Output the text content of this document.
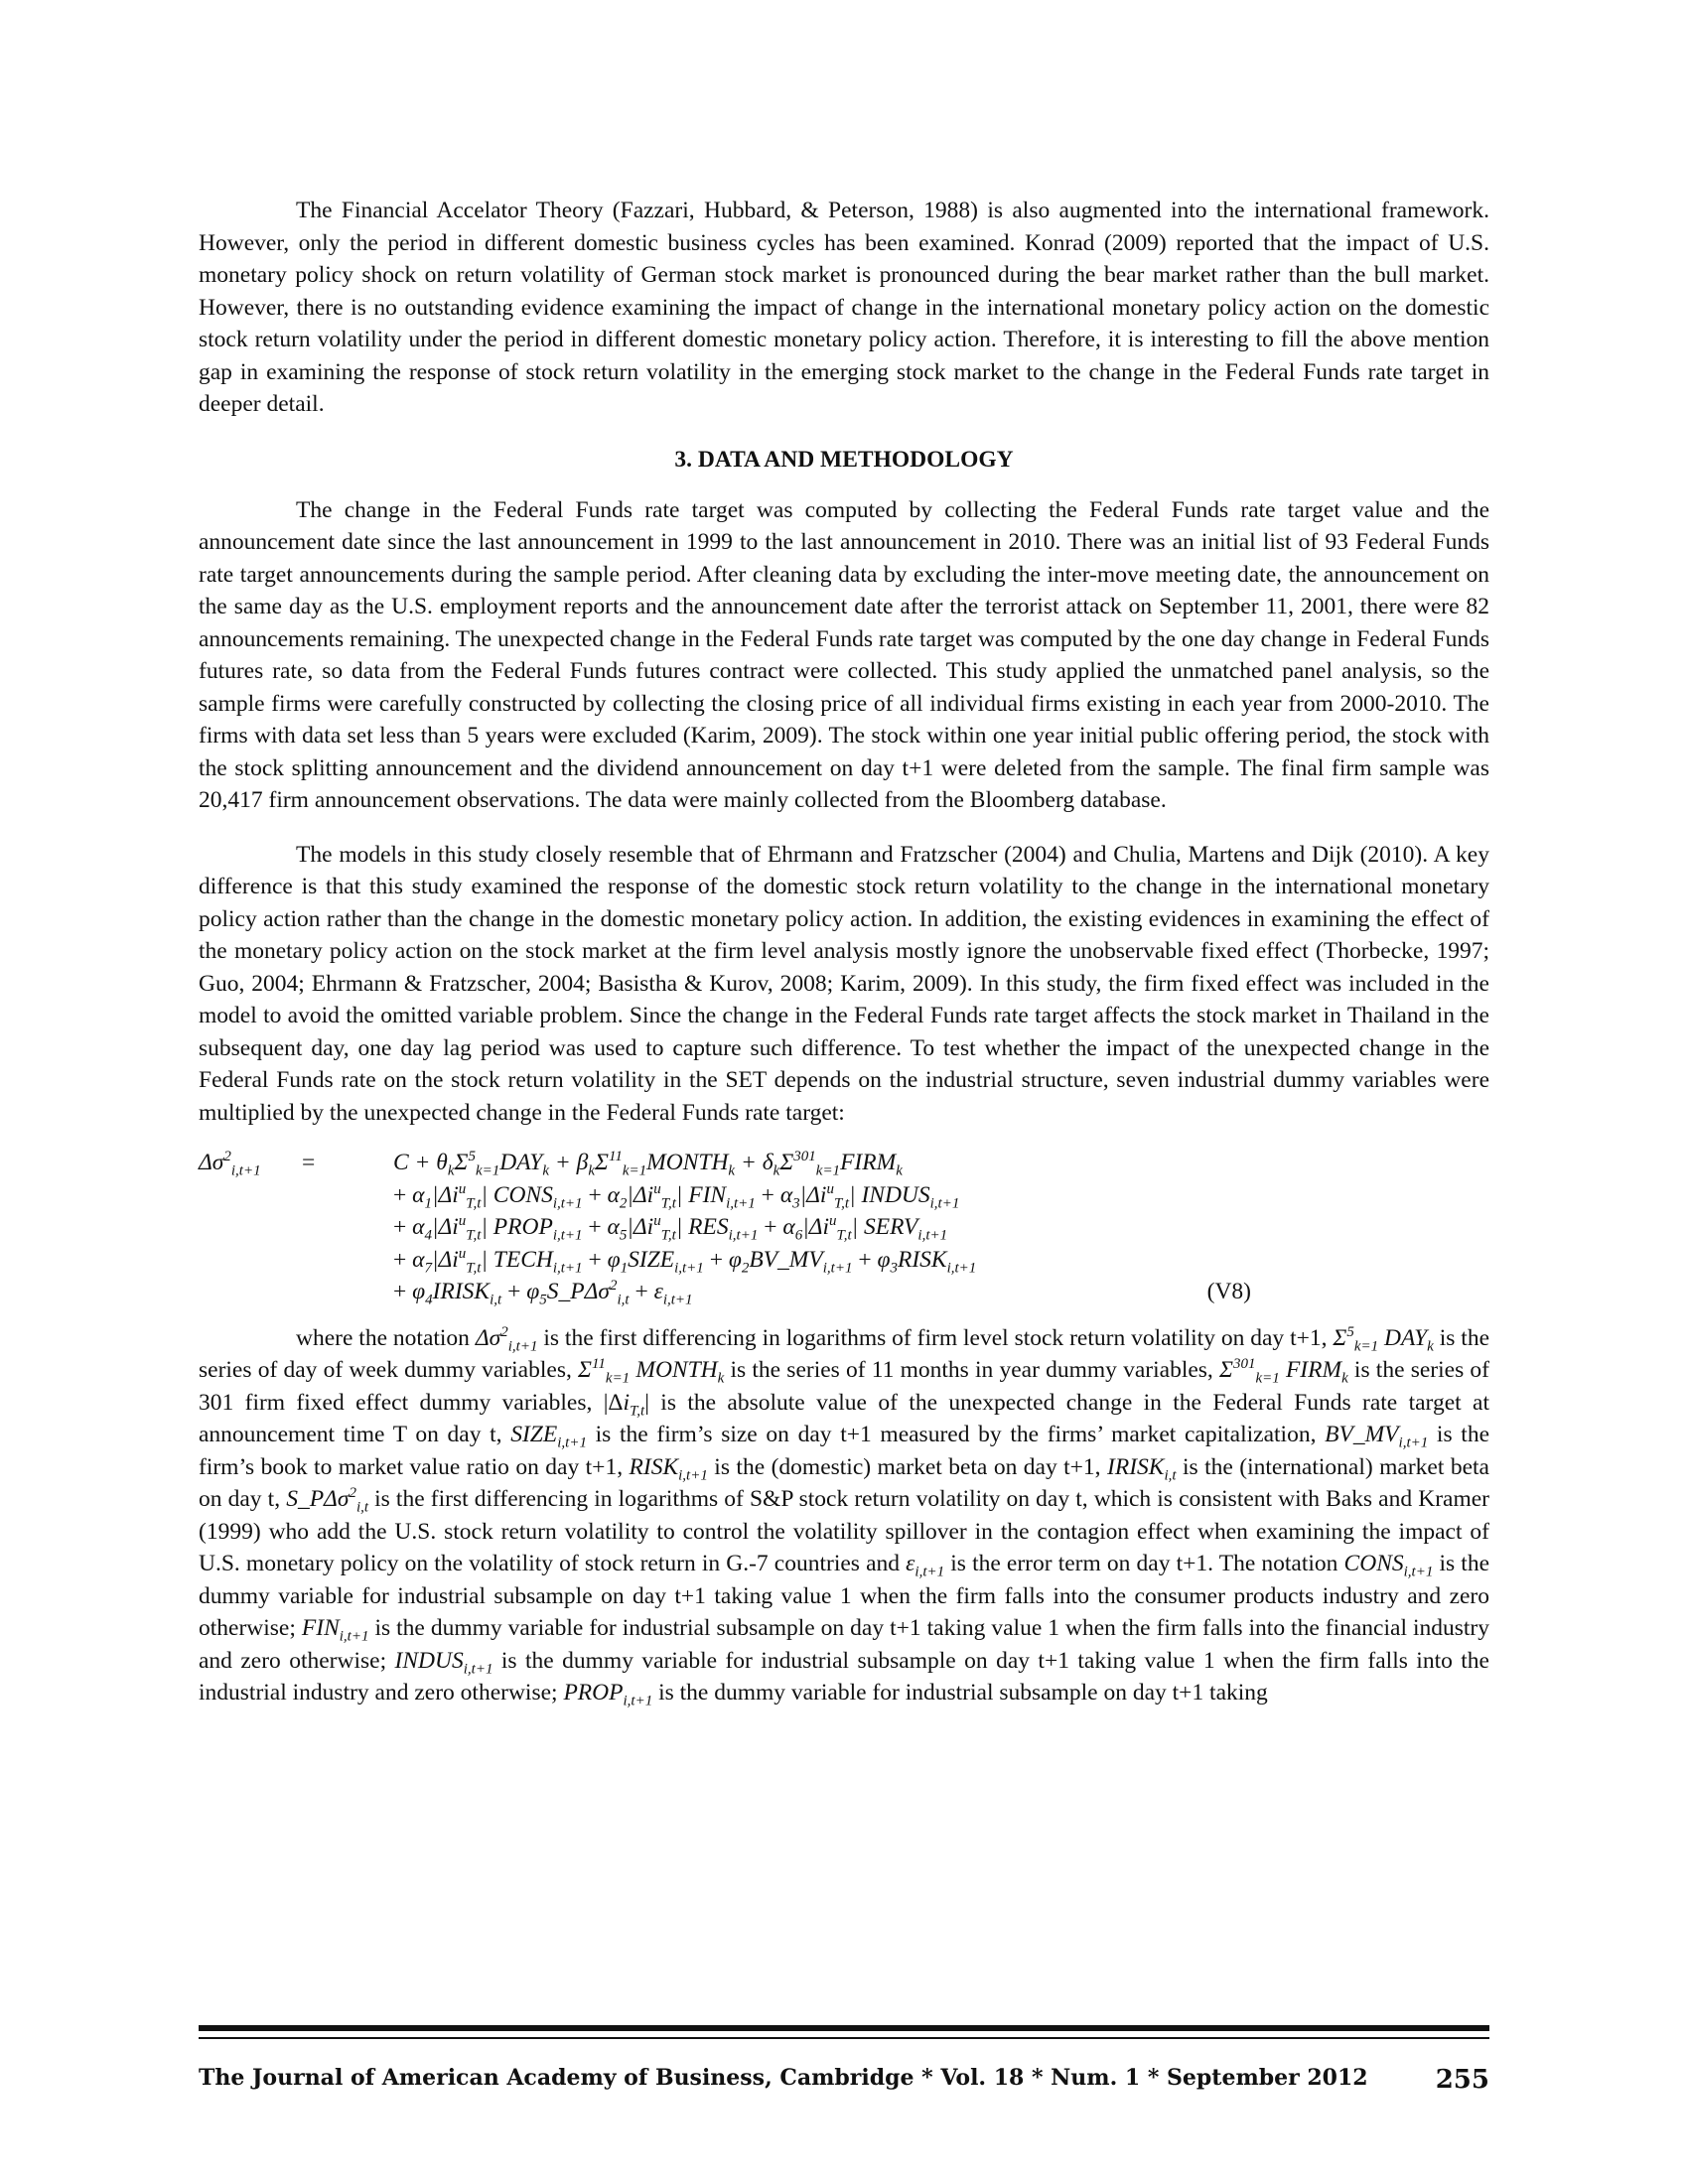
The Financial Accelator Theory (Fazzari, Hubbard, & Peterson, 1988) is also augmented into the international framework. However, only the period in different domestic business cycles has been examined. Konrad (2009) reported that the impact of U.S. monetary policy shock on return volatility of German stock market is pronounced during the bear market rather than the bull market. However, there is no outstanding evidence examining the impact of change in the international monetary policy action on the domestic stock return volatility under the period in different domestic monetary policy action. Therefore, it is interesting to fill the above mention gap in examining the response of stock return volatility in the emerging stock market to the change in the Federal Funds rate target in deeper detail.

3. DATA AND METHODOLOGY

The change in the Federal Funds rate target was computed by collecting the Federal Funds rate target value and the announcement date since the last announcement in 1999 to the last announcement in 2010. There was an initial list of 93 Federal Funds rate target announcements during the sample period. After cleaning data by excluding the inter-move meeting date, the announcement on the same day as the U.S. employment reports and the announcement date after the terrorist attack on September 11, 2001, there were 82 announcements remaining. The unexpected change in the Federal Funds rate target was computed by the one day change in Federal Funds futures rate, so data from the Federal Funds futures contract were collected. This study applied the unmatched panel analysis, so the sample firms were carefully constructed by collecting the closing price of all individual firms existing in each year from 2000-2010. The firms with data set less than 5 years were excluded (Karim, 2009). The stock within one year initial public offering period, the stock with the stock splitting announcement and the dividend announcement on day t+1 were deleted from the sample. The final firm sample was 20,417 firm announcement observations. The data were mainly collected from the Bloomberg database.

The models in this study closely resemble that of Ehrmann and Fratzscher (2004) and Chulia, Martens and Dijk (2010). A key difference is that this study examined the response of the domestic stock return volatility to the change in the international monetary policy action rather than the change in the domestic monetary policy action. In addition, the existing evidences in examining the effect of the monetary policy action on the stock market at the firm level analysis mostly ignore the unobservable fixed effect (Thorbecke, 1997; Guo, 2004; Ehrmann & Fratzscher, 2004; Basistha & Kurov, 2008; Karim, 2009). In this study, the firm fixed effect was included in the model to avoid the omitted variable problem. Since the change in the Federal Funds rate target affects the stock market in Thailand in the subsequent day, one day lag period was used to capture such difference. To test whether the impact of the unexpected change in the Federal Funds rate on the stock return volatility in the SET depends on the industrial structure, seven industrial dummy variables were multiplied by the unexpected change in the Federal Funds rate target:

$\Delta\sigma^2_{i,t+1}$ =	$C + \theta_k\Sigma^5_{k=1}DAY_k$ + $\beta_k\Sigma^{11}_{k=1}MONTH_k$ + $\delta_k\Sigma^{301}_{k=1}FIRM_k$
+ $\alpha_1|\Delta i^u_{T,t}|$ $CONS_{i,t+1} + \alpha_2|\Delta i^u_{T,t}|$ $FIN_{i,t+1} + \alpha_3|\Delta i^u_{T,t}|$ $INDUS_{i,t+1}$
+ $\alpha_4|\Delta i^u_{T,t}|$ $PROP_{i,t+1} + \alpha_5|\Delta i^u_{T,t}|$ $RES_{i,t+1} + \alpha_6|\Delta i^u_{T,t}|$ $SERV_{i,t+1}$
+ $\alpha_7|\Delta i^u_{T,t}|$ $TECH_{i,t+1}$ + $\varphi_1SIZE_{i,t+1}$ + $\varphi_2BV\_MV_{i,t+1}$ + $\varphi_3RISK_{i,t+1}$
+ $\varphi_4IRISK_{i,t}$ + $\varphi_5S\_P\Delta\sigma^2_{i,t} + \varepsilon_{i,t+1}$	(V8)

where the notation $\Delta\sigma^2_{i,t+1}$ is the first differencing in logarithms of firm level stock return volatility on day t+1, $\Sigma^5_{k=1}$ $DAY_k$ is the series of day of week dummy variables, $\Sigma^{11}_{k=1}$ $MONTH_k$ is the series of 11 months in year dummy variables, $\Sigma^{301}_{k=1}$ $FIRM_k$ is the series of 301 firm fixed effect dummy variables, $|\Delta i_{T,t}|$ is the absolute value of the unexpected change in the Federal Funds rate target at announcement time T on day t, $SIZE_{i,t+1}$ is the firm’s size on day t+1 measured by the firms’ market capitalization, $BV\_MV_{i,t+1}$ is the firm’s book to market value ratio on day t+1, $RISK_{i,t+1}$ is the (domestic) market beta on day t+1, $IRISK_{i,t}$ is the (international) market beta on day t, S_PΔσ$^2_{i,t}$ is the first differencing in logarithms of S&P stock return volatility on day t, which is consistent with Baks and Kramer (1999) who add the U.S. stock return volatility to control the volatility spillover in the contagion effect when examining the impact of U.S. monetary policy on the volatility of stock return in G.-7 countries and $\varepsilon_{i,t+1}$ is the error term on day t+1. The notation $CONS_{i,t+1}$ is the dummy variable for industrial subsample on day t+1 taking value 1 when the firm falls into the consumer products industry and zero otherwise; $FIN_{i,t+1}$ is the dummy variable for industrial subsample on day t+1 taking value 1 when the firm falls into the financial industry and zero otherwise; $INDUS_{i,t+1}$ is the dummy variable for industrial subsample on day t+1 taking value 1 when the firm falls into the industrial industry and zero otherwise; $PROP_{i,t+1}$ is the dummy variable for industrial subsample on day t+1 taking

The Journal of American Academy of Business, Cambridge * Vol. 18 * Num. 1 * September 2012	255
